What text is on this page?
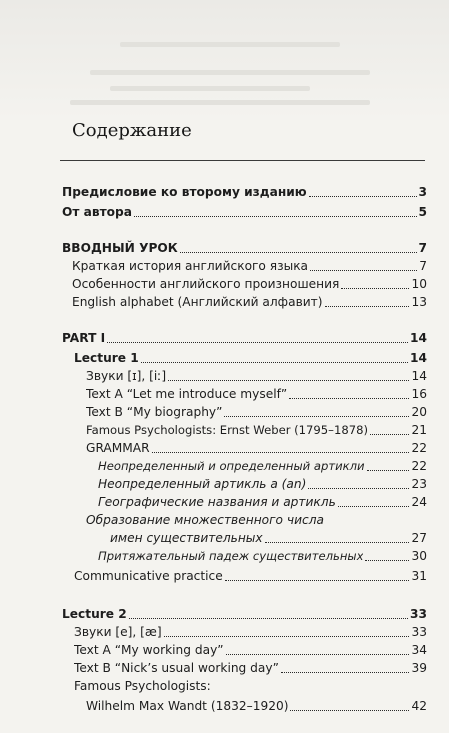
Содержание
Предисловие ко второму изданию	3
От автора	5
ВВОДНЫЙ УРОК	7
Краткая история английского языка	7
Особенности английского произношения	10
English alphabet (Английский алфавит)	13
PART I	14
Lecture 1	14
Звуки [ɪ], [iː]	14
Text A “Let me introduce myself”	16
Text B “My biography”	20
Famous Psychologists: Ernst Weber (1795–1878)	21
GRAMMAR	22
Неопределенный и определенный артикли	22
Неопределенный артикль а (an)	23
Географические названия и артикль	24
Образование множественного числа
имен существительных	27
Притяжательный падеж существительных	30
Communicative practice	31
Lecture 2	33
Звуки [e], [æ]	33
Text A “My working day”	34
Text B “Nick’s usual working day”	39
Famous Psychologists:
Wilhelm Max Wandt (1832–1920)	42
